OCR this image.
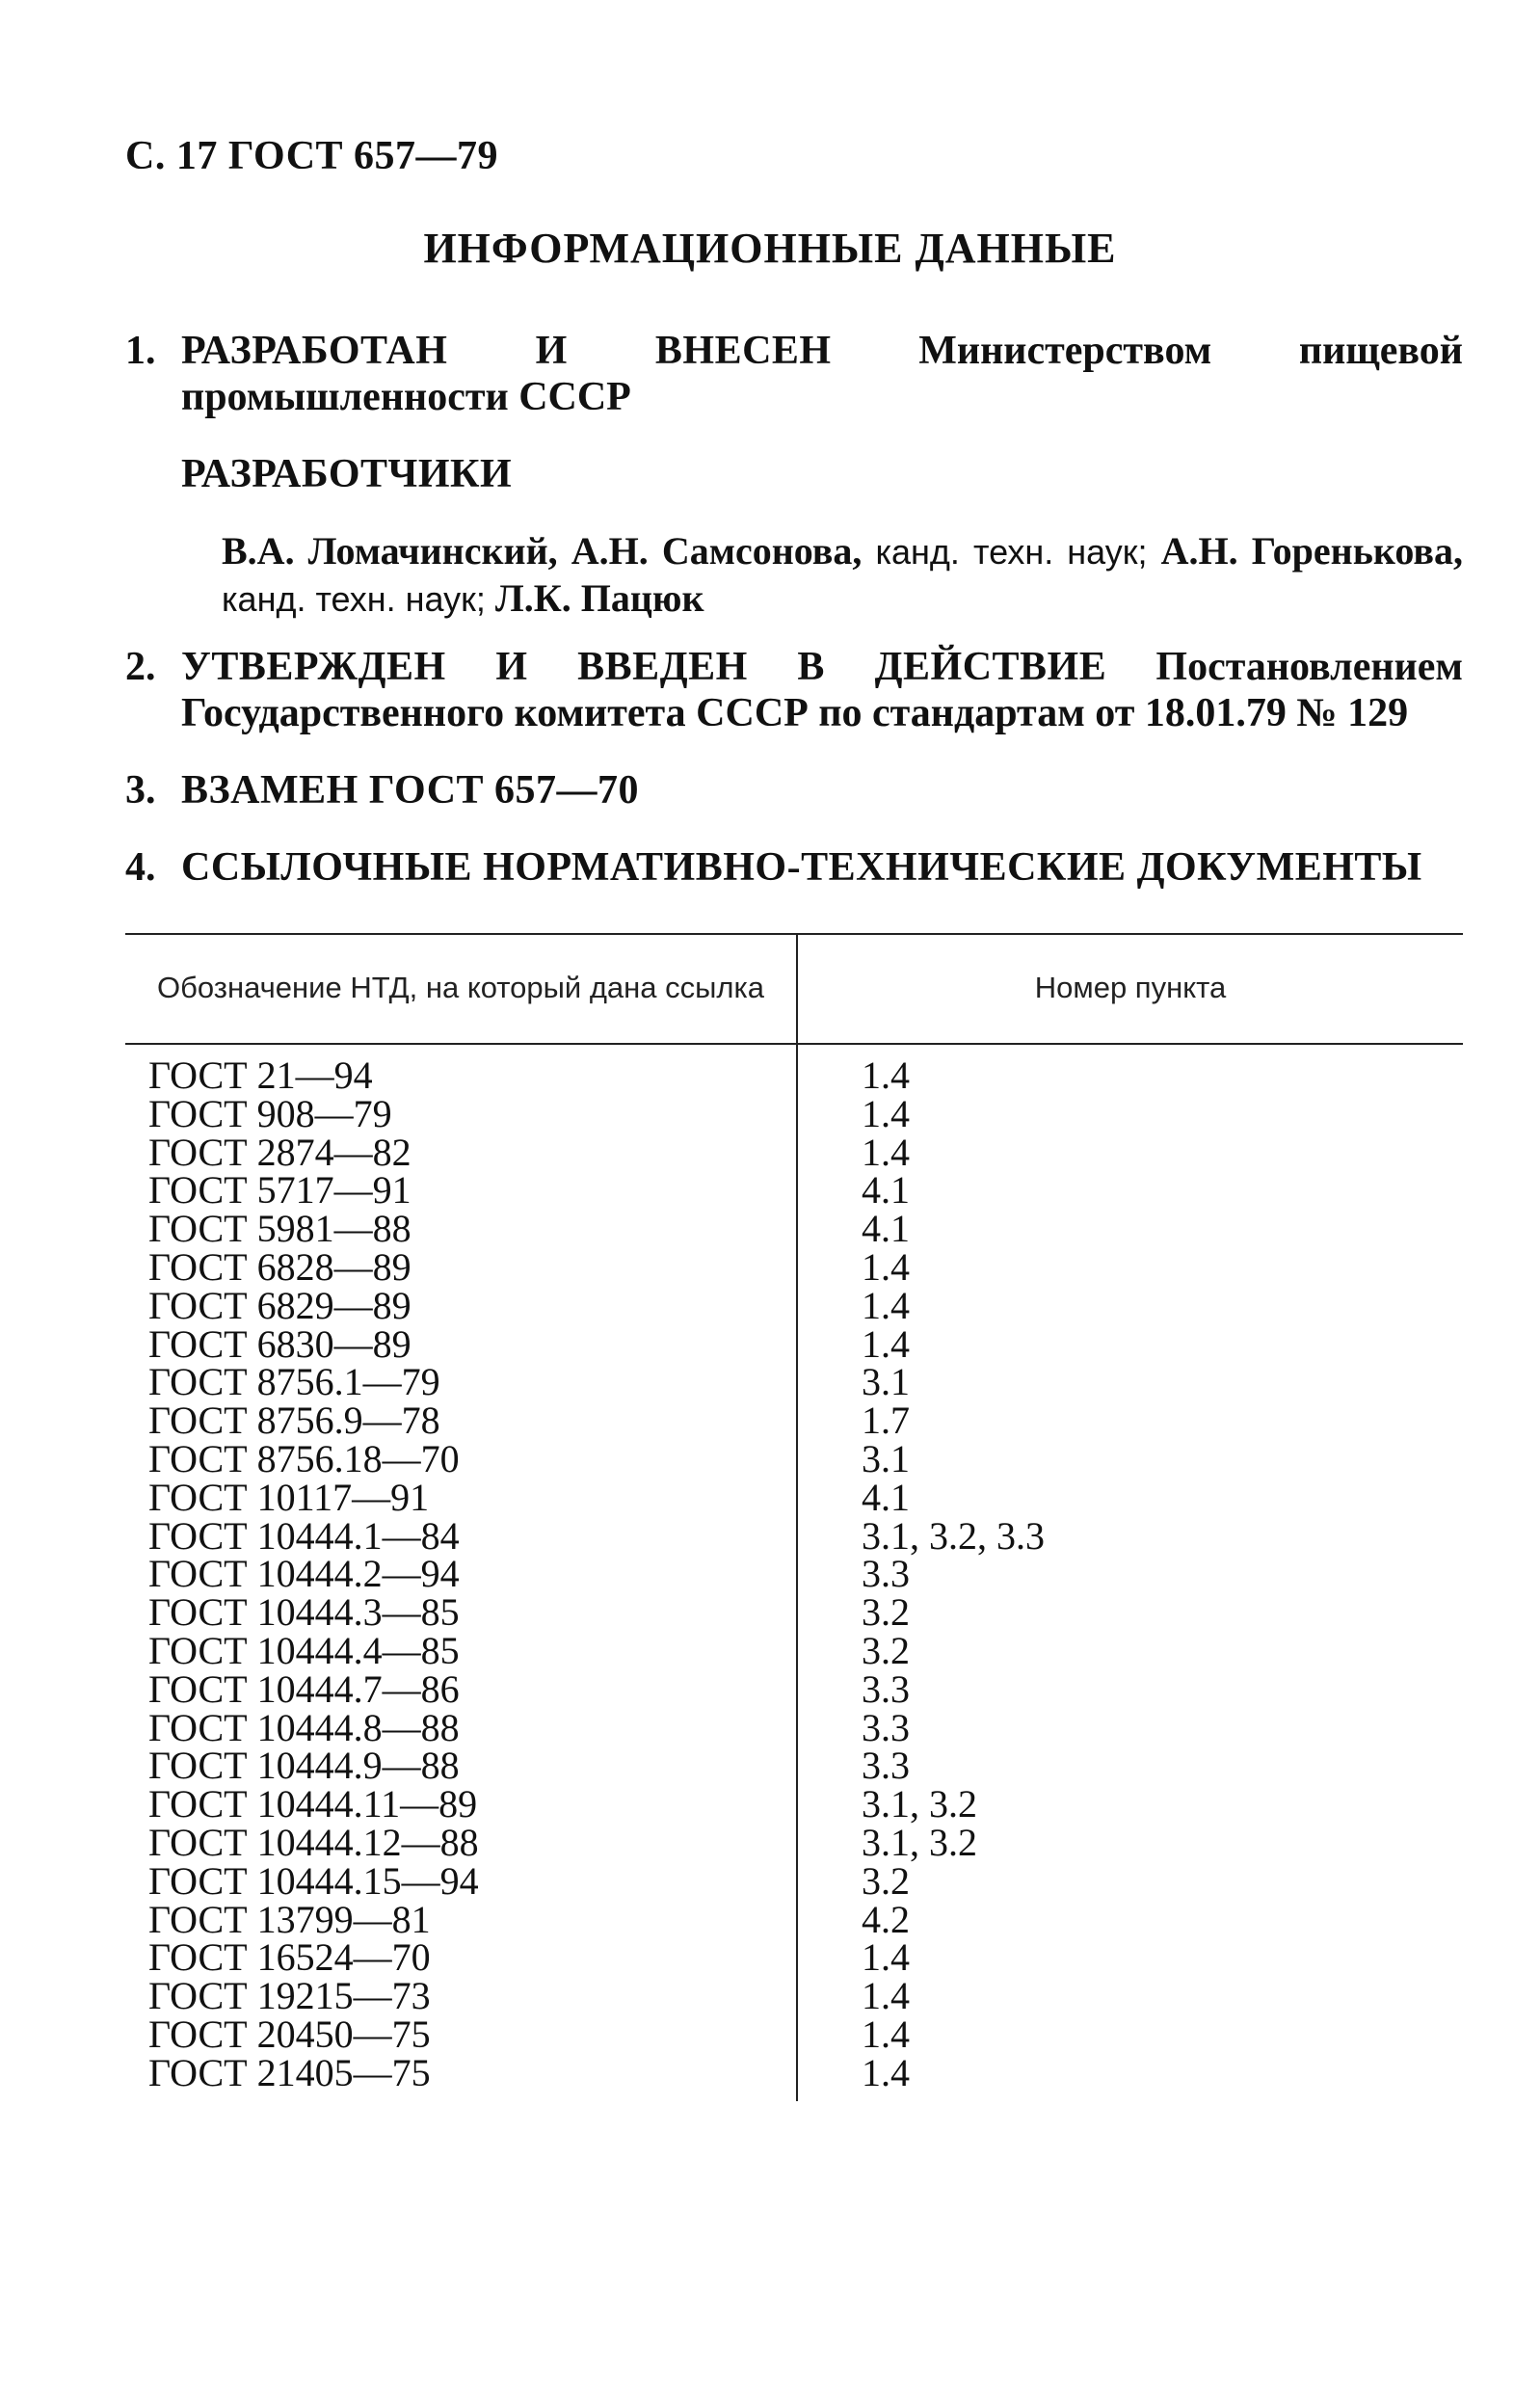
С. 17 ГОСТ 657—79
ИНФОРМАЦИОННЫЕ ДАННЫЕ
1. РАЗРАБОТАН И ВНЕСЕН Министерством пищевой промышленности СССР
РАЗРАБОТЧИКИ
В.А. Ломачинский, А.Н. Самсонова, канд. техн. наук; А.Н. Горенькова, канд. техн. наук; Л.К. Пацюк
2. УТВЕРЖДЕН И ВВЕДЕН В ДЕЙСТВИЕ Постановлением Государственного комитета СССР по стандартам от 18.01.79 № 129
3. ВЗАМЕН ГОСТ 657—70
4. ССЫЛОЧНЫЕ НОРМАТИВНО-ТЕХНИЧЕСКИЕ ДОКУМЕНТЫ
Обозначение НТД, на который дана ссылка	Номер пункта
ГОСТ 21—94	1.4
ГОСТ 908—79	1.4
ГОСТ 2874—82	1.4
ГОСТ 5717—91	4.1
ГОСТ 5981—88	4.1
ГОСТ 6828—89	1.4
ГОСТ 6829—89	1.4
ГОСТ 6830—89	1.4
ГОСТ 8756.1—79	3.1
ГОСТ 8756.9—78	1.7
ГОСТ 8756.18—70	3.1
ГОСТ 10117—91	4.1
ГОСТ 10444.1—84	3.1, 3.2, 3.3
ГОСТ 10444.2—94	3.3
ГОСТ 10444.3—85	3.2
ГОСТ 10444.4—85	3.2
ГОСТ 10444.7—86	3.3
ГОСТ 10444.8—88	3.3
ГОСТ 10444.9—88	3.3
ГОСТ 10444.11—89	3.1, 3.2
ГОСТ 10444.12—88	3.1, 3.2
ГОСТ 10444.15—94	3.2
ГОСТ 13799—81	4.2
ГОСТ 16524—70	1.4
ГОСТ 19215—73	1.4
ГОСТ 20450—75	1.4
ГОСТ 21405—75	1.4
